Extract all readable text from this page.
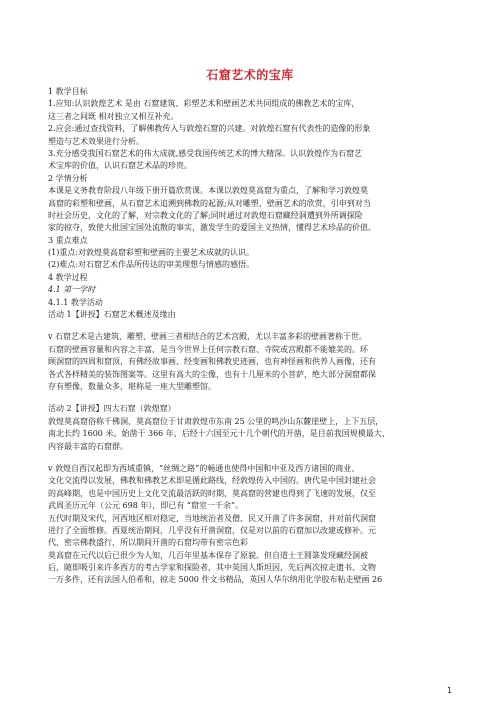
石窟艺术的宝库
1 教学目标
1.应知:认识敦煌艺术 是由 石窟建筑、彩塑艺术和壁画艺术共同组成的佛教艺术的宝库，
这三者之间既 相对独立又相互补充。
2.应会:通过查找资料，了解佛教传入与敦煌石窟的兴建。对敦煌石窟有代表性的造像的形象
塑造与艺术效果进行分析。
3.充分感受我国石窟艺术的伟大成就,感受我国传统艺术的博大精深。认识敦煌作为石窟艺
术宝库的价值，认识石窟艺术品的珍贵。
2 学情分析
本课是义务教育阶段八年级下册开篇欣赏课。本课以敦煌莫高窟为重点，了解和学习敦煌莫
高窟的彩塑和壁画，从石窟艺术追溯到佛教的起源;从对雕塑、壁画艺术的欣赏，引申到对当
时社会历史，文化的了解，对宗教文化的了解;同时通过对敦煌石窟藏经洞遭到外所调探险
家的掠夺，致使大批国宝国处流散的事实，激发学生的爱国主义热情，懂得艺术珍品的价值。
3 重点难点
(1)重点:对敦煌莫高窟彩塑和壁画的主要艺术成就的认识。
(2)难点:对石窟艺术作品所传达的审美理想与情感的感悟。
4 教学过程
4.1 第一学时
4.1.1 教学活动
活动 1【讲授】石窟艺术概述及缘由
v 石窟艺术是古建筑、雕塑、壁画三者相结合的艺术宫殿，尤以丰富多彩的壁画著称于世。
石窟的壁画容量和内容之丰富，是当今世界上任何宗教石窟、寺院或宫殿都不能媲美的。环
顾洞窟的四周和窟顶，有佛经故事画、经变画和佛教史迹画，也有神怪画和供养人画像，还有
各式各样精美的装饰图案等。这里有高大的尘像，也有十几厘米的小菩萨，绝大部分洞窟都保
存有塑像，数量众多，堪称是一座大型雕塑馆。
活动 2【讲授】四大石窟（敦煌窟）
敦煌莫高窟俗称千佛洞，莫高窟位于甘肃敦煌市东南 25 公里的鸣沙山东麓崖壁上，上下五层，
南北长约 1600 米。始凿于 366 年，后经十六国至元十几个朝代的开凿，是目前我国规模最大、
内容最丰富的石窟群。
v 敦煌自西汉起即为西域重镇，“丝绸之路”的畅通也使得中国和中亚及西方诸国的商业、
文化交流得以发展，佛教和佛教艺术即是循此路线，经敦煌传入中国的。唐代是中国封建社会
的高峰期，也是中国历史上文化交流最活跃的时期，莫高窟的营建也得到了飞速的发展，仅至
武周圣历元年（公元 698 年），即已有 “窟室一千余”。
五代时期及宋代，河西地区相对稳定，当地统治者及僧、民又开凿了许多洞窟，并对前代洞窟
进行了全面维修。西夏统治期间，几乎没有开凿洞窟，仅是对以前的石窟加以改建或修补。元
代，密宗佛教盛行，所以期间开凿的石窟均带有密宗色彩
莫高窟在元代以后已很少为人知，几百年里基本保存了原貌。但自道士王圆箓发现藏经洞被
后，随即吸引来许多西方的考古学家和探险者，其中英国人斯坦因，先后两次掠走遗书、文物
一万多件，还有法国人伯希和，掠走 5000 件文书精品，英国人华尔纳用化学胶布粘走壁画 26
1
